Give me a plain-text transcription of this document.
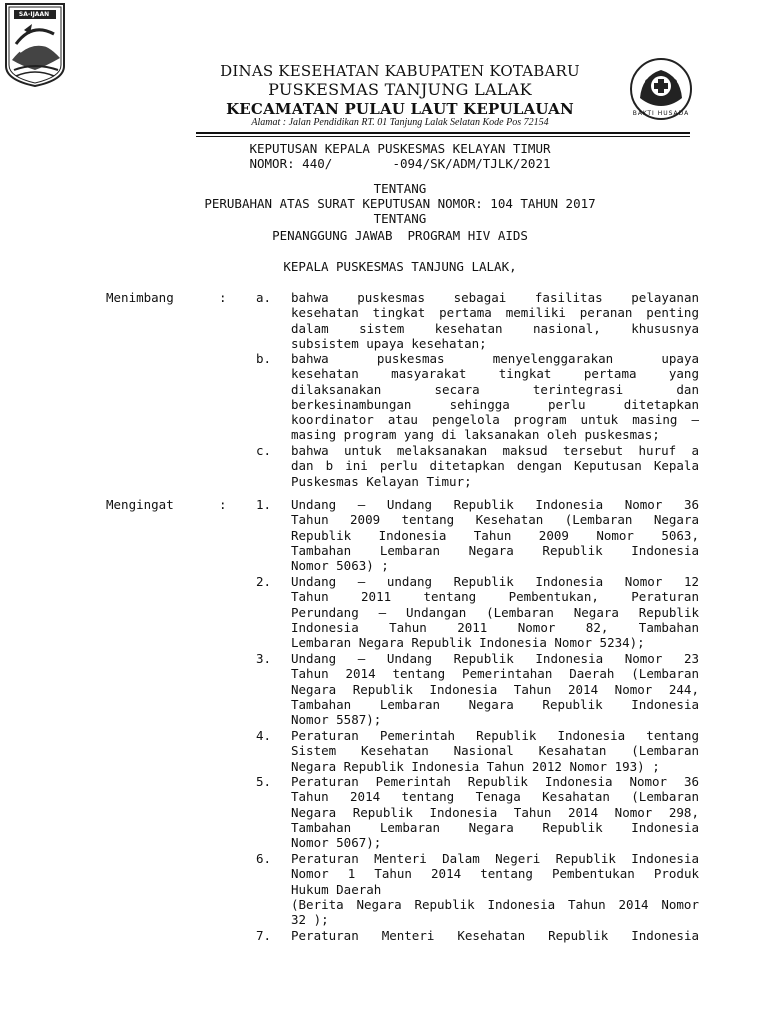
SA-IJAAN
BAKTI HUSADA
DINAS KESEHATAN KABUPATEN KOTABARU
PUSKESMAS TANJUNG LALAK
KECAMATAN PULAU LAUT KEPULAUAN
Alamat : Jalan Pendidikan RT. 01 Tanjung Lalak Selatan Kode Pos 72154
KEPUTUSAN KEPALA PUSKESMAS KELAYAN TIMUR
NOMOR: 440/        -094/SK/ADM/TJLK/2021
TENTANG
PERUBAHAN ATAS SURAT KEPUTUSAN NOMOR: 104 TAHUN 2017
TENTANG
PENANGGUNG JAWAB  PROGRAM HIV AIDS
KEPALA PUSKESMAS TANJUNG LALAK,
Menimbang	: a. bahwa puskesmas sebagai fasilitas pelayanan
kesehatan tingkat pertama memiliki peranan penting
dalam sistem kesehatan nasional, khususnya
subsistem upaya kesehatan;
b. bahwa puskesmas menyelenggarakan upaya
kesehatan masyarakat tingkat pertama yang
dilaksanakan secara terintegrasi dan
berkesinambungan sehingga perlu ditetapkan
koordinator atau pengelola program untuk masing –
masing program yang di laksanakan oleh puskesmas;
c. bahwa untuk melaksanakan maksud tersebut huruf a
dan b ini perlu ditetapkan dengan Keputusan Kepala
Puskesmas Kelayan Timur;
Mengingat	: 1. Undang – Undang Republik Indonesia Nomor 36
Tahun 2009 tentang Kesehatan (Lembaran Negara
Republik Indonesia Tahun 2009 Nomor 5063,
Tambahan Lembaran Negara Republik Indonesia
Nomor 5063) ;
2. Undang – undang Republik Indonesia Nomor 12
Tahun 2011 tentang Pembentukan, Peraturan
Perundang – Undangan (Lembaran Negara Republik
Indonesia Tahun 2011 Nomor 82, Tambahan
Lembaran Negara Republik Indonesia Nomor 5234);
3. Undang – Undang Republik Indonesia Nomor 23
Tahun 2014 tentang Pemerintahan Daerah (Lembaran
Negara Republik Indonesia Tahun 2014 Nomor 244,
Tambahan Lembaran Negara Republik Indonesia
Nomor 5587);
4. Peraturan Pemerintah Republik Indonesia tentang
Sistem Kesehatan Nasional Kesahatan (Lembaran
Negara Republik Indonesia Tahun 2012 Nomor 193) ;
5. Peraturan Pemerintah Republik Indonesia Nomor 36
Tahun 2014 tentang Tenaga Kesahatan (Lembaran
Negara Republik Indonesia Tahun 2014 Nomor 298,
Tambahan Lembaran Negara Republik Indonesia
Nomor 5067);
6. Peraturan Menteri Dalam Negeri Republik Indonesia
Nomor 1 Tahun 2014 tentang Pembentukan Produk
Hukum Daerah
(Berita Negara Republik Indonesia Tahun 2014 Nomor
32 );
7. Peraturan Menteri Kesehatan Republik Indonesia
